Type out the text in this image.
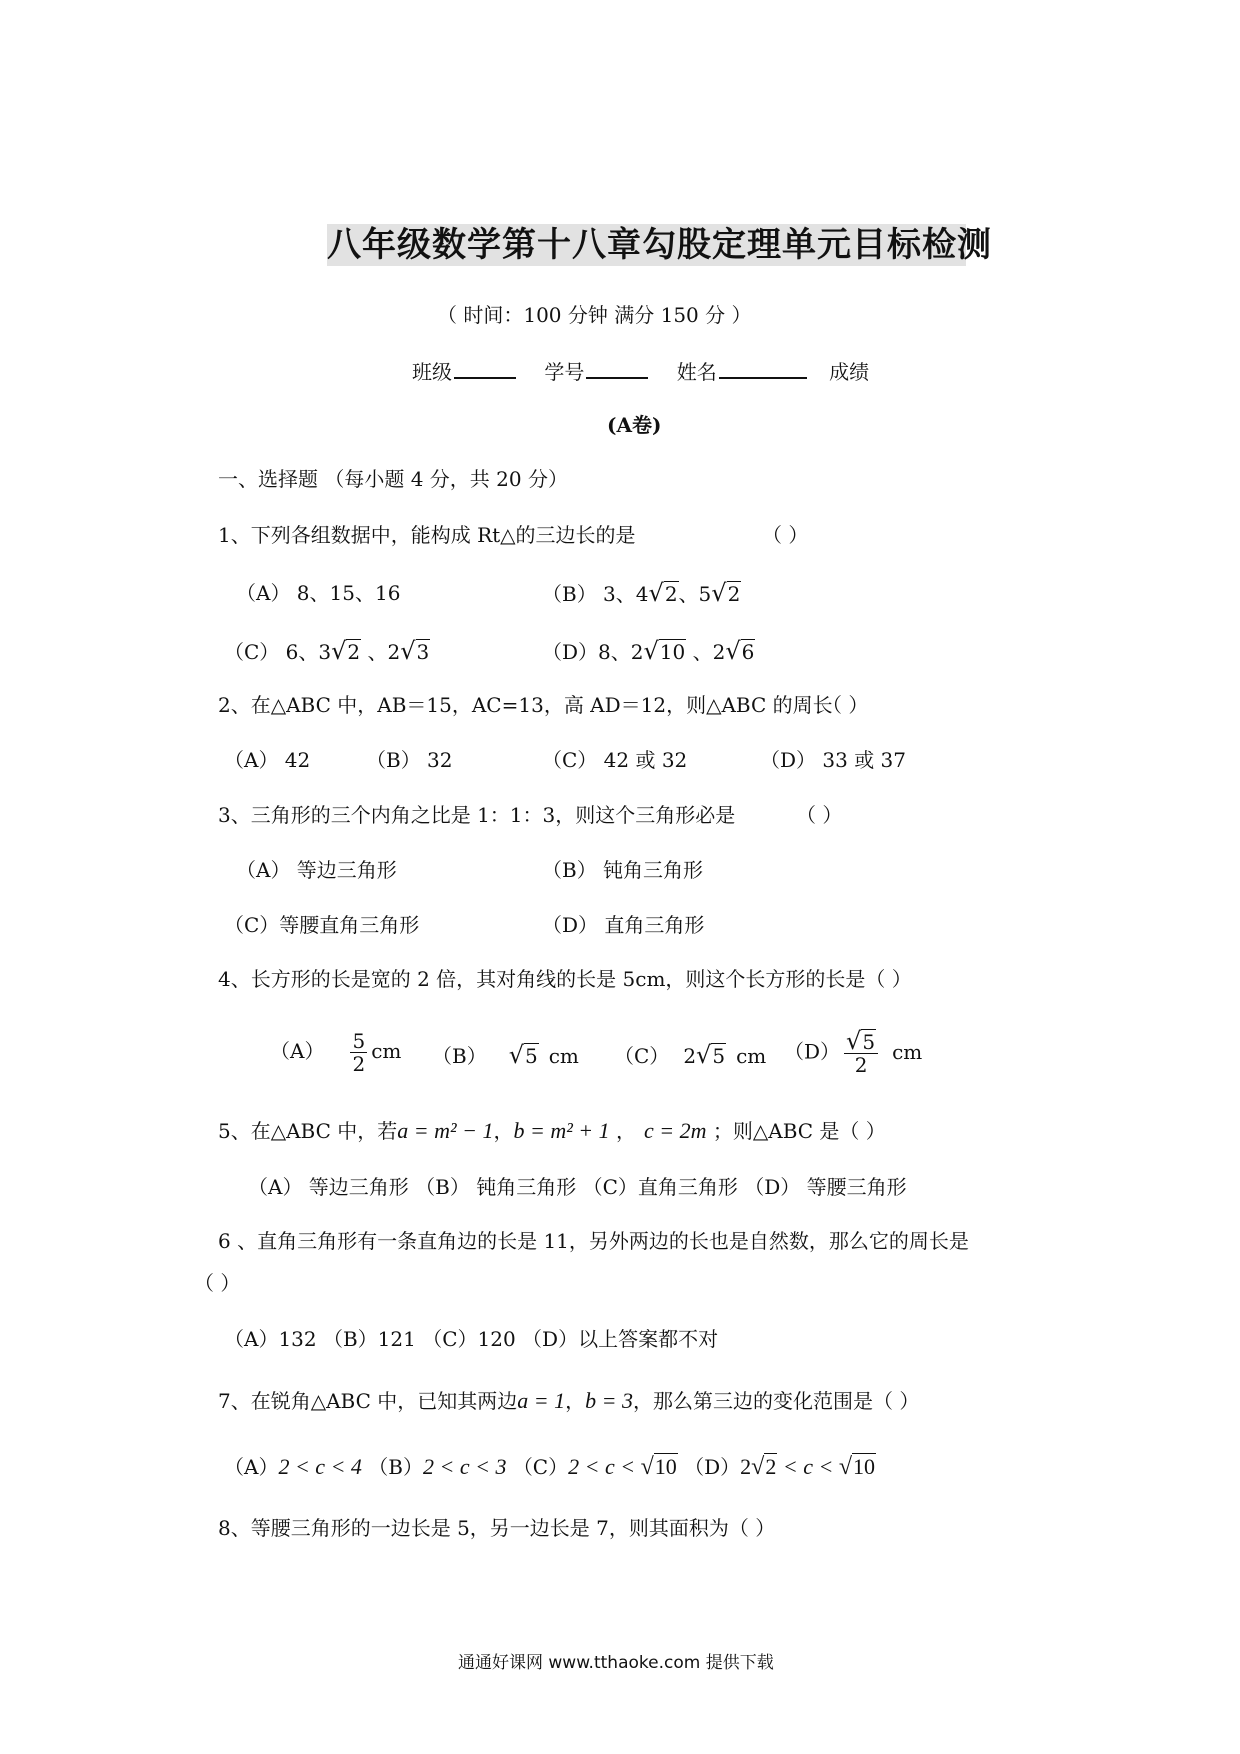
八年级数学第十八章勾股定理单元目标检测
（ 时间：100 分钟 满分 150 分 ）
班级	学号	姓名	成绩
(A卷)
一、选择题 （每小题 4 分，共 20 分）
1、下列各组数据中，能构成 Rt△的三边长的是	（ ）
（A） 8、15、16	（B） 3、4√2、5√2
（C） 6、3√2 、2√3	（D）8、2√10 、2√6
2、在△ABC 中，AB＝15，AC=13，高 AD＝12，则△ABC 的周长
（ ）
（A） 42	（B） 32	（C） 42 或 32	（D） 33 或 37
3、三角形的三个内角之比是 1：1：3，则这个三角形必是	（ ）
（A） 等边三角形	（B） 钝角三角形
（C）等腰直角三角形	（D） 直角三角形
4、长方形的长是宽的 2 倍，其对角线的长是 5cm，则这个长方形的长是（ ）
$(A) \frac{5}{2}$ cm （B） √5 cm （C） 2√5 cm $(D) \frac{√5}{2}$ cm
5、在△ABC 中，若a = m² − 1，b = m² + 1 ， c = 2m ；则△ABC 是（ ）
（A） 等边三角形 （B） 钝角三角形 （C）直角三角形 （D） 等腰三角形
6 、直角三角形有一条直角边的长是 11，另外两边的长也是自然数，那么它的周长是
（ ）
（A）132 （B）121 （C）120 （D）以上答案都不对
7、在锐角△ABC 中，已知其两边a = 1，b = 3，那么第三边的变化范围是（ ）
（A）2 < c < 4 （B）2 < c < 3 （C）2 < c < √10 （D）2√2 < c < √10
8、等腰三角形的一边长是 5，另一边长是 7，则其面积为（ ）
通通好课网 www.tthaoke.com 提供下载
